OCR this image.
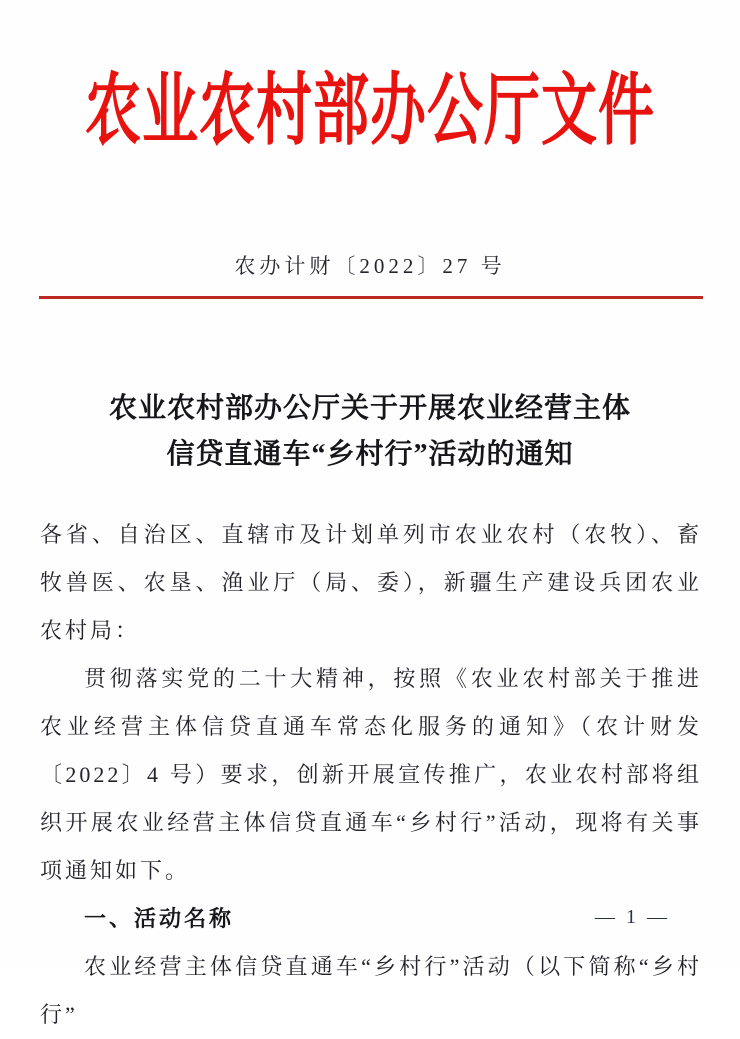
农业农村部办公厅文件
农办计财〔2022〕27 号
农业农村部办公厅关于开展农业经营主体
信贷直通车“乡村行”活动的通知

各省、自治区、直辖市及计划单列市农业农村（农牧）、畜牧兽医、农垦、渔业厅（局、委），新疆生产建设兵团农业农村局：

贯彻落实党的二十大精神，按照《农业农村部关于推进农业经营主体信贷直通车常态化服务的通知》（农计财发〔2022〕4 号）要求，创新开展宣传推广，农业农村部将组织开展农业经营主体信贷直通车“乡村行”活动，现将有关事项通知如下。

一、活动名称

农业经营主体信贷直通车“乡村行”活动（以下简称“乡村行”

— 1 —
